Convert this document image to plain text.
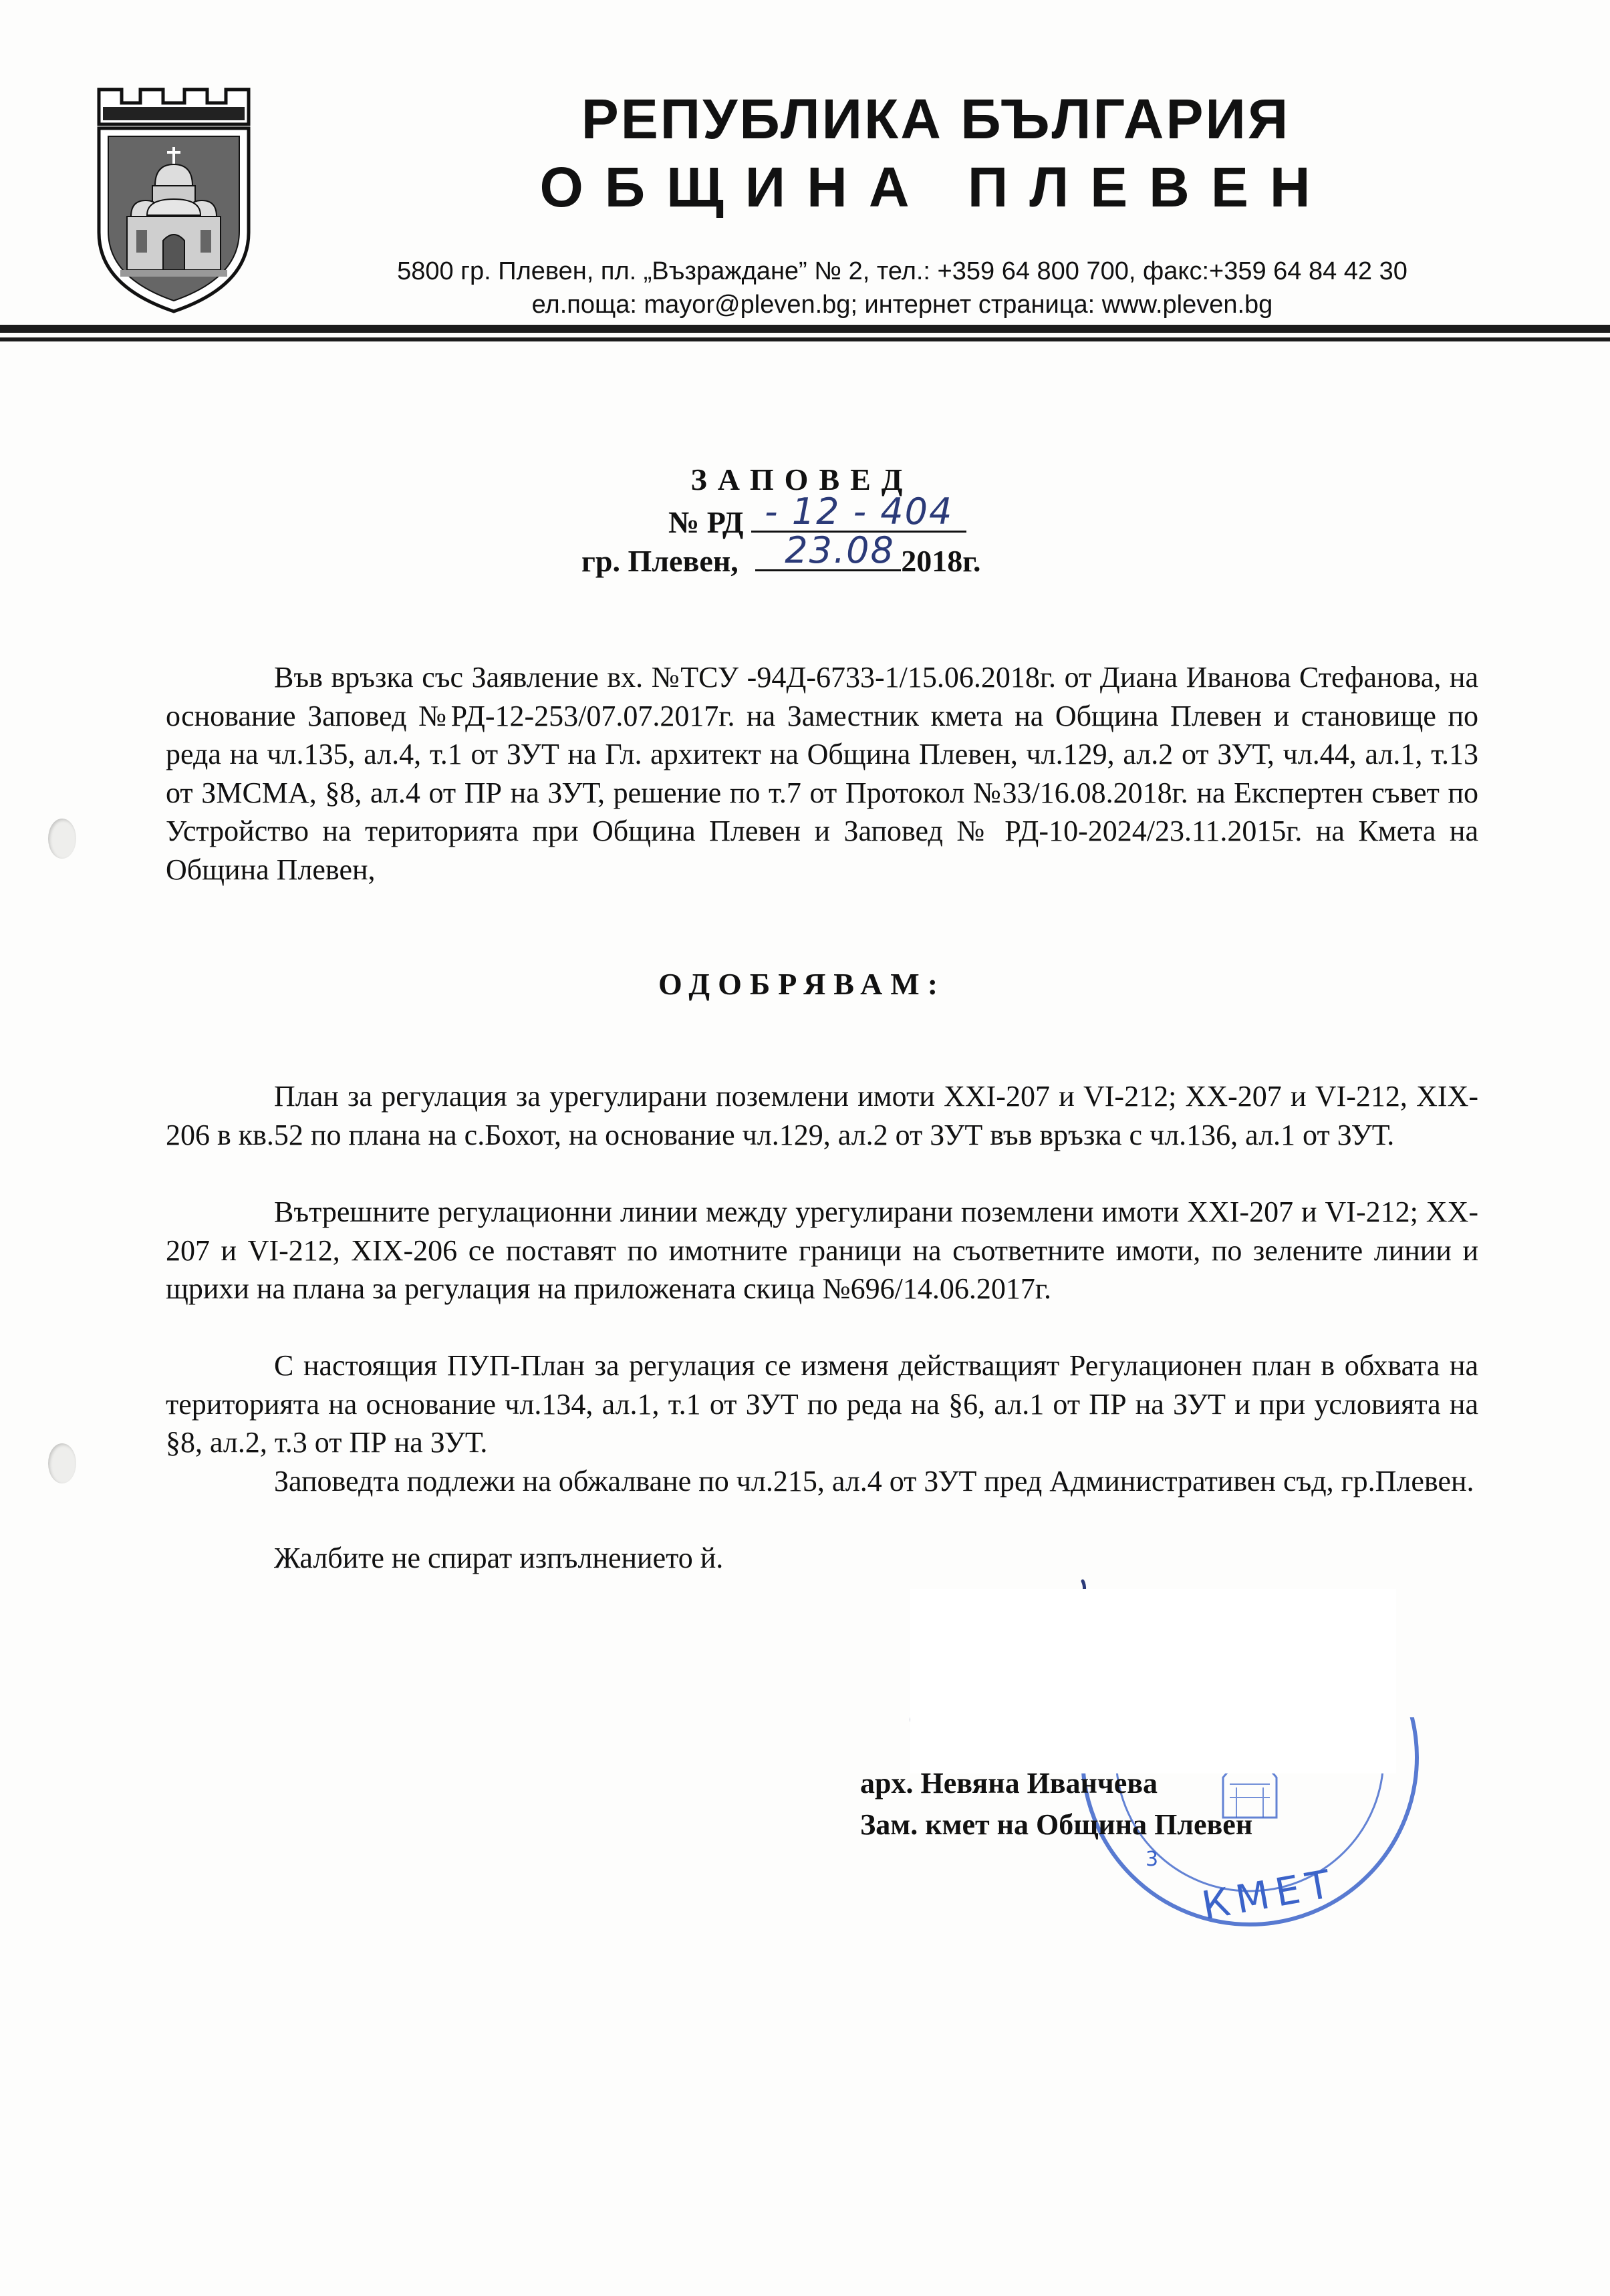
РЕПУБЛИКА БЪЛГАРИЯ
ОБЩИНА ПЛЕВЕН
5800 гр. Плевен, пл. „Възраждане” № 2, тел.: +359 64 800 700, факс:+359 64 84 42 30
ел.поща: mayor@pleven.bg; интернет страница: www.pleven.bg
ЗАПОВЕД
№ РД - 12 - 404
гр. Плевен, 23.08 2018г.

Във връзка със Заявление вх. №ТСУ -94Д-6733-1/15.06.2018г. от Диана Иванова Стефанова, на основание Заповед №РД-12-253/07.07.2017г. на Заместник кмета на Община Плевен и становище по реда на чл.135, ал.4, т.1 от ЗУТ на Гл. архитект на Община Плевен, чл.129, ал.2 от ЗУТ, чл.44, ал.1, т.13 от ЗМСМА, §8, ал.4 от ПР на ЗУТ, решение по т.7 от Протокол №33/16.08.2018г. на Експертен съвет по Устройство на територията при Община Плевен и Заповед № РД-10-2024/23.11.2015г. на Кмета на Община Плевен,

ОДОБРЯВАМ:

План за регулация за урегулирани поземлени имоти XXI-207 и VI-212; XX-207 и VI-212, XIX-206 в кв.52 по плана на с.Бохот, на основание чл.129, ал.2 от ЗУТ във връзка с чл.136, ал.1 от ЗУТ.

Вътрешните регулационни линии между урегулирани поземлени имоти XXI-207 и VI-212; XX-207 и VI-212, XIX-206 се поставят по имотните граници на съответните имоти, по зелените линии и щрихи на плана за регулация на приложената скица №696/14.06.2017г.

С настоящия ПУП-План за регулация се изменя действащият Регулационен план в обхвата на територията на основание чл.134, ал.1, т.1 от ЗУТ по реда на §6, ал.1 от ПР на ЗУТ и при условията на §8, ал.2, т.3 от ПР на ЗУТ.

Заповедта подлежи на обжалване по чл.215, ал.4 от ЗУТ пред Административен съд, гр.Плевен.

Жалбите не спират изпълнението й.

3
КМЕТ
арх. Невяна Иванчева
Зам. кмет на Община Плевен
